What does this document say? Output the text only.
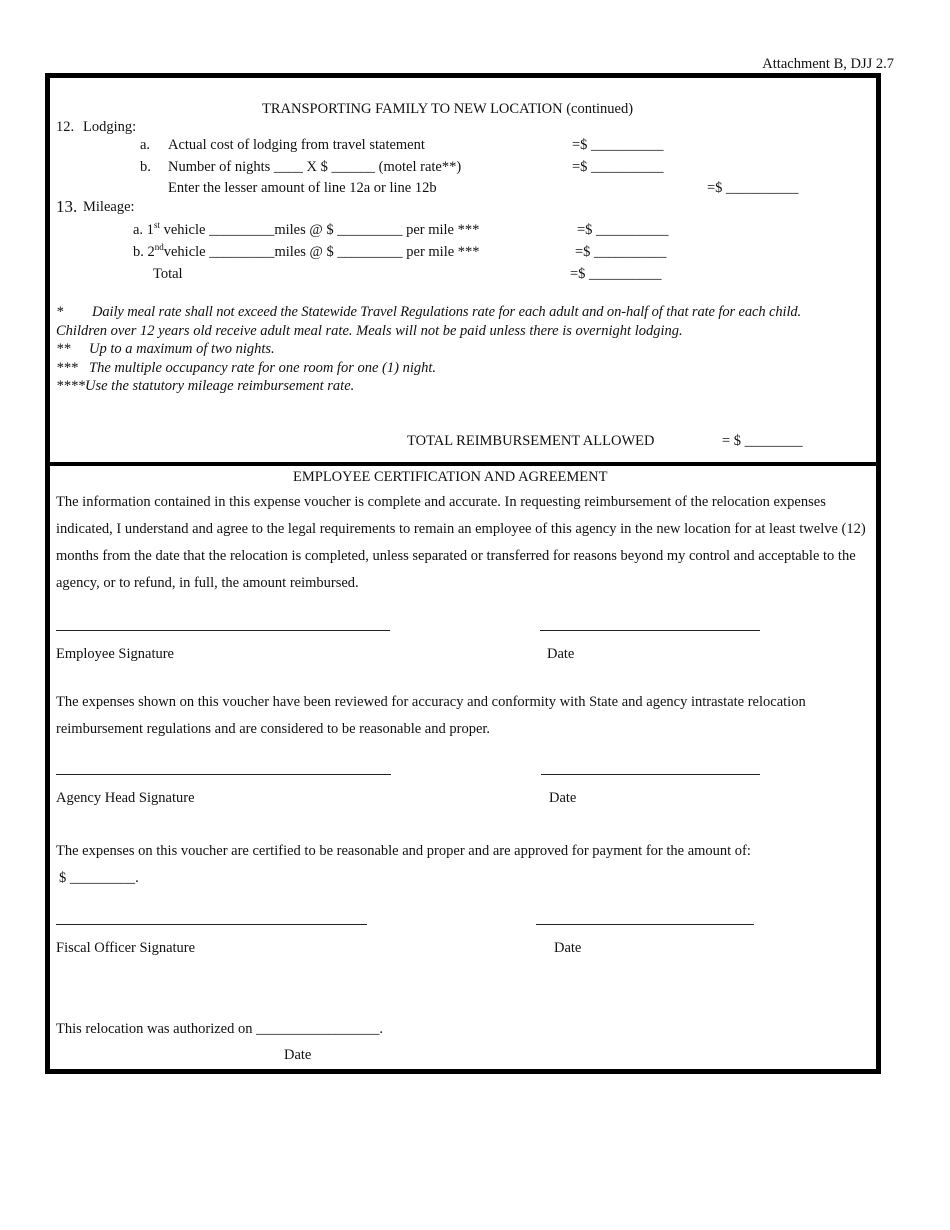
Attachment B, DJJ 2.7
TRANSPORTING FAMILY TO NEW LOCATION (continued)
12. Lodging:
a. Actual cost of lodging from travel statement	=$ __________
b. Number of nights ____ X $ ______ (motel rate**)	=$ __________
Enter the lesser amount of line 12a or line 12b	=$ __________
13. Mileage:
a. 1st vehicle _________miles @ $ _________ per mile ***	=$ __________
b. 2ndvehicle _________miles @ $ _________ per mile ***	=$ __________
Total	=$ __________
* Daily meal rate shall not exceed the Statewide Travel Regulations rate for each adult and on-half of that rate for each child.
Children over 12 years old receive adult meal rate. Meals will not be paid unless there is overnight lodging.
** Up to a maximum of two nights.
*** The multiple occupancy rate for one room for one (1) night.
****Use the statutory mileage reimbursement rate.
TOTAL REIMBURSEMENT ALLOWED	= $ ________
EMPLOYEE CERTIFICATION AND AGREEMENT
The information contained in this expense voucher is complete and accurate. In requesting reimbursement of the relocation expenses indicated, I understand and agree to the legal requirements to remain an employee of this agency in the new location for at least twelve (12) months from the date that the relocation is completed, unless separated or transferred for reasons beyond my control and acceptable to the agency, or to refund, in full, the amount reimbursed.
Employee Signature	Date
The expenses shown on this voucher have been reviewed for accuracy and conformity with State and agency intrastate relocation reimbursement regulations and are considered to be reasonable and proper.
Agency Head Signature	Date
The expenses on this voucher are certified to be reasonable and proper and are approved for payment for the amount of:
$ _________.
Fiscal Officer Signature	Date
This relocation was authorized on _________________.
Date
